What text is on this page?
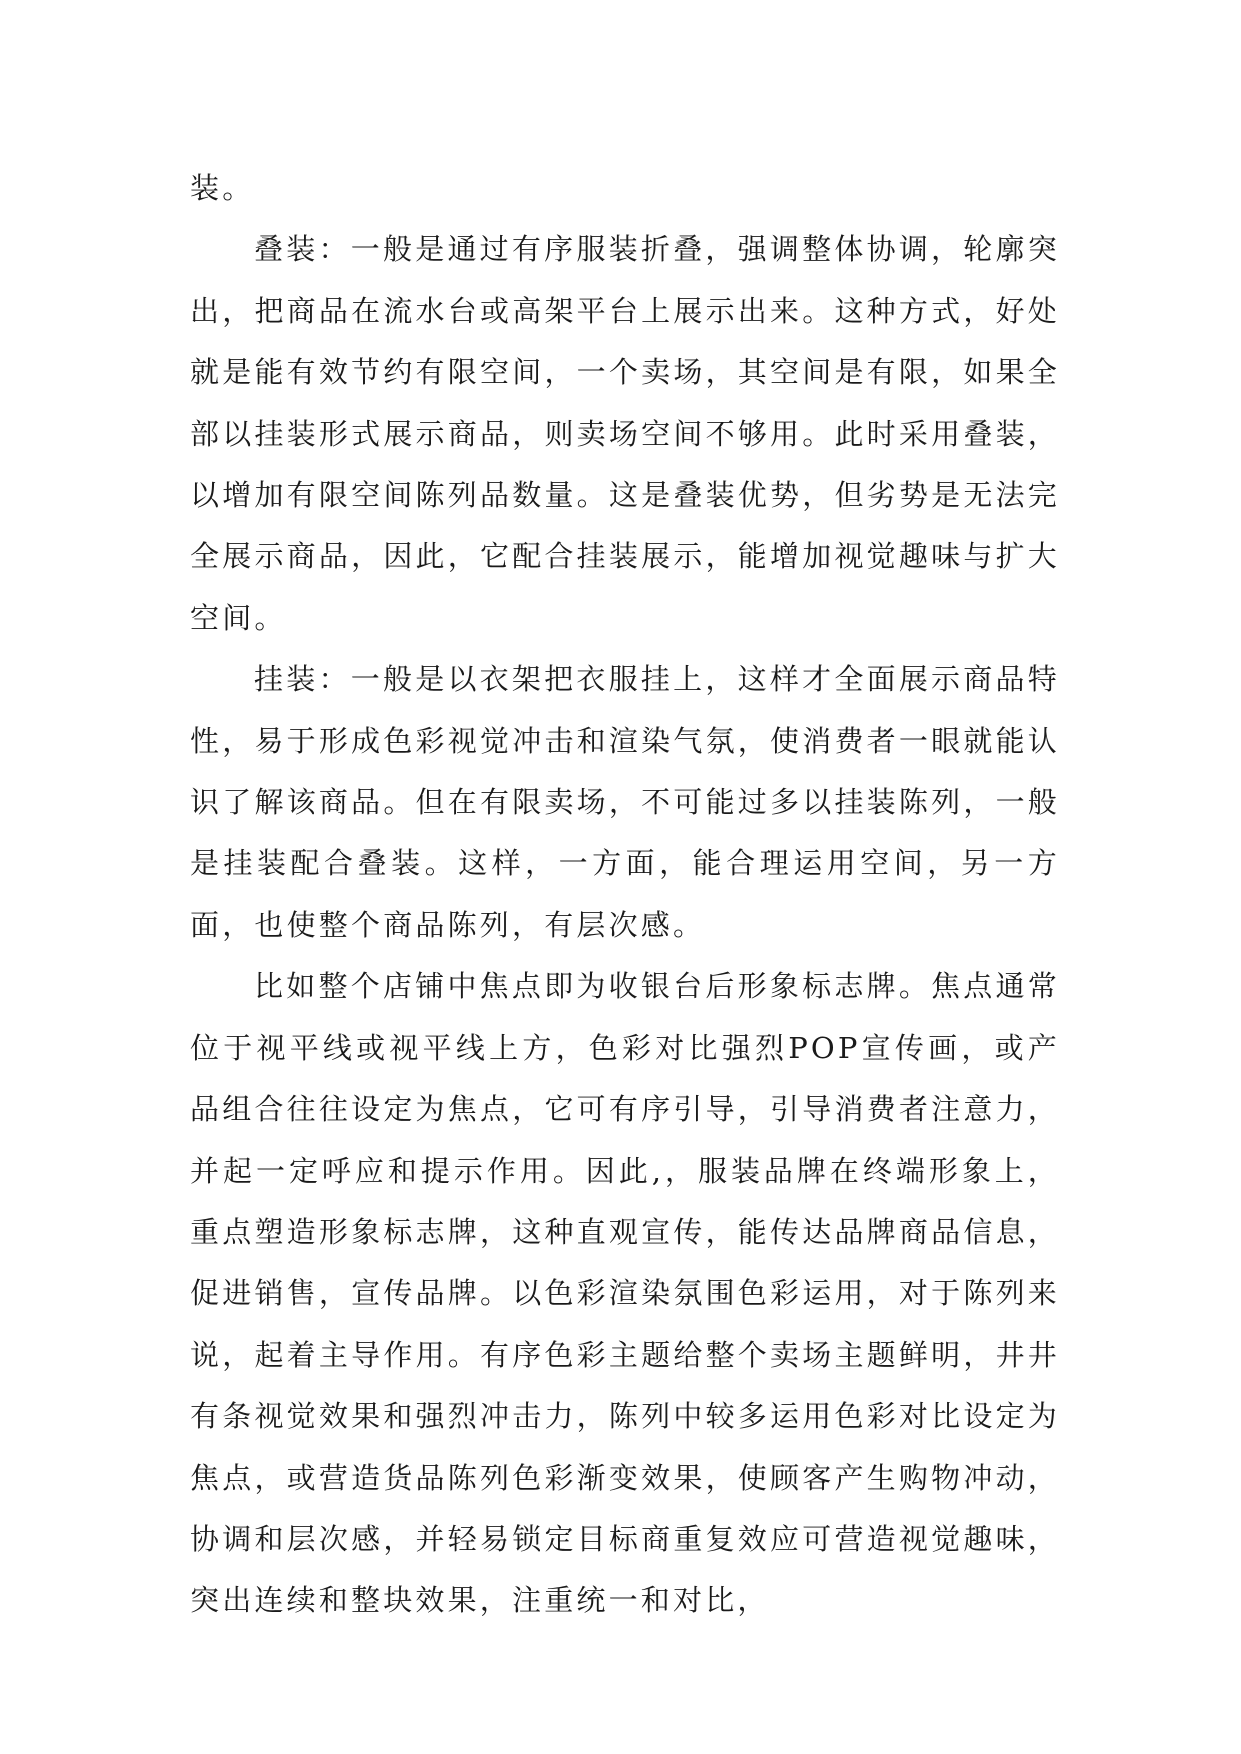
装。

叠装：一般是通过有序服装折叠，强调整体协调，轮廓突出，把商品在流水台或高架平台上展示出来。这种方式，好处就是能有效节约有限空间，一个卖场，其空间是有限，如果全部以挂装形式展示商品，则卖场空间不够用。此时采用叠装，以增加有限空间陈列品数量。这是叠装优势，但劣势是无法完全展示商品，因此，它配合挂装展示，能增加视觉趣味与扩大空间。

挂装：一般是以衣架把衣服挂上，这样才全面展示商品特性，易于形成色彩视觉冲击和渲染气氛，使消费者一眼就能认识了解该商品。但在有限卖场，不可能过多以挂装陈列，一般是挂装配合叠装。这样，一方面，能合理运用空间，另一方面，也使整个商品陈列，有层次感。

比如整个店铺中焦点即为收银台后形象标志牌。焦点通常位于视平线或视平线上方，色彩对比强烈POP宣传画，或产品组合往往设定为焦点，它可有序引导，引导消费者注意力，并起一定呼应和提示作用。因此,，服装品牌在终端形象上，重点塑造形象标志牌，这种直观宣传，能传达品牌商品信息，促进销售，宣传品牌。以色彩渲染氛围色彩运用，对于陈列来说，起着主导作用。有序色彩主题给整个卖场主题鲜明，井井有条视觉效果和强烈冲击力，陈列中较多运用色彩对比设定为焦点，或营造货品陈列色彩渐变效果，使顾客产生购物冲动，协调和层次感，并轻易锁定目标商重复效应可营造视觉趣味，突出连续和整块效果，注重统一和对比，
